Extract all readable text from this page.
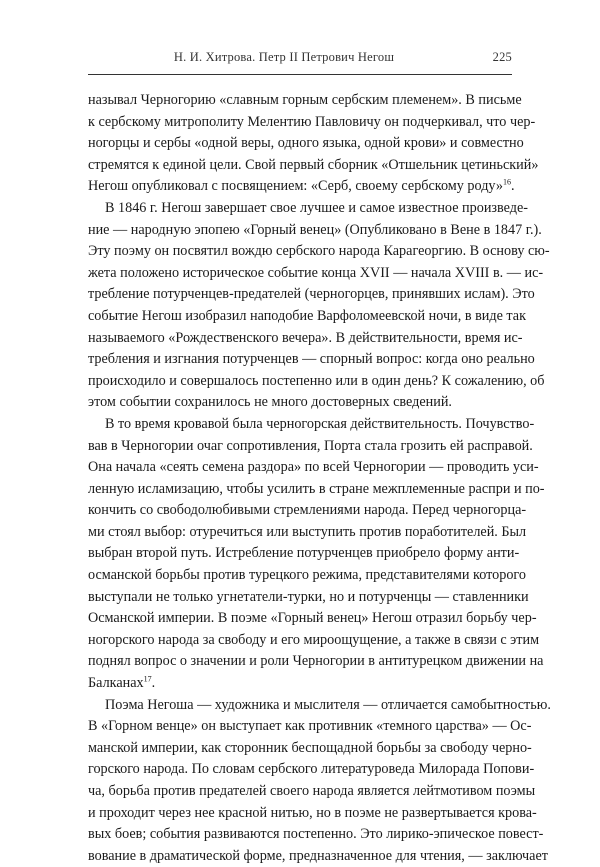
Н. И. Хитрова. Петр II Петрович Негош	225
называл Черногорию «славным горным сербским племенем». В письме
к сербскому митрополиту Мелентию Павловичу он подчеркивал, что чер-
ногорцы и сербы «одной веры, одного языка, одной крови» и совместно
стремятся к единой цели. Свой первый сборник «Отшельник цетиньский»
Негош опубликовал с посвящением: «Серб, своему сербскому роду»$^{16}$.
В 1846 г. Негош завершает свое лучшее и самое известное произведе-
ние — народную эпопею «Горный венец» (Опубликовано в Вене в 1847 г.).
Эту поэму он посвятил вождю сербского народа Карагеоргию. В основу сю-
жета положено историческое событие конца XVII — начала XVIII в. — ис-
требление потурченцев-предателей (черногорцев, принявших ислам). Это
событие Негош изобразил наподобие Варфоломеевской ночи, в виде так
называемого «Рождественского вечера». В действительности, время ис-
требления и изгнания потурченцев — спорный вопрос: когда оно реально
происходило и совершалось постепенно или в один день? К сожалению, об
этом событии сохранилось не много достоверных сведений.
В то время кровавой была черногорская действительность. Почувство-
вав в Черногории очаг сопротивления, Порта стала грозить ей расправой.
Она начала «сеять семена раздора» по всей Черногории — проводить уси-
ленную исламизацию, чтобы усилить в стране межплеменные распри и по-
кончить со свободолюбивыми стремлениями народа. Перед черногорца-
ми стоял выбор: отуречиться или выступить против поработителей. Был
выбран второй путь. Истребление потурченцев приобрело форму анти-
османской борьбы против турецкого режима, представителями которого
выступали не только угнетатели-турки, но и потурченцы — ставленники
Османской империи. В поэме «Горный венец» Негош отразил борьбу чер-
ногорского народа за свободу и его мироощущение, а также в связи с этим
поднял вопрос о значении и роли Черногории в антитурецком движении на
Балканах$^{17}$.
Поэма Негоша — художника и мыслителя — отличается самобытностью.
В «Горном венце» он выступает как противник «темного царства» — Ос-
манской империи, как сторонник беспощадной борьбы за свободу черно-
горского народа. По словам сербского литературоведа Милорада Попови-
ча, борьба против предателей своего народа является лейтмотивом поэмы
и проходит через нее красной нитью, но в поэме не развертывается крова-
вых боев; события развиваются постепенно. Это лирико-эпическое повест-
вование в драматической форме, предназначенное для чтения, — заключает
